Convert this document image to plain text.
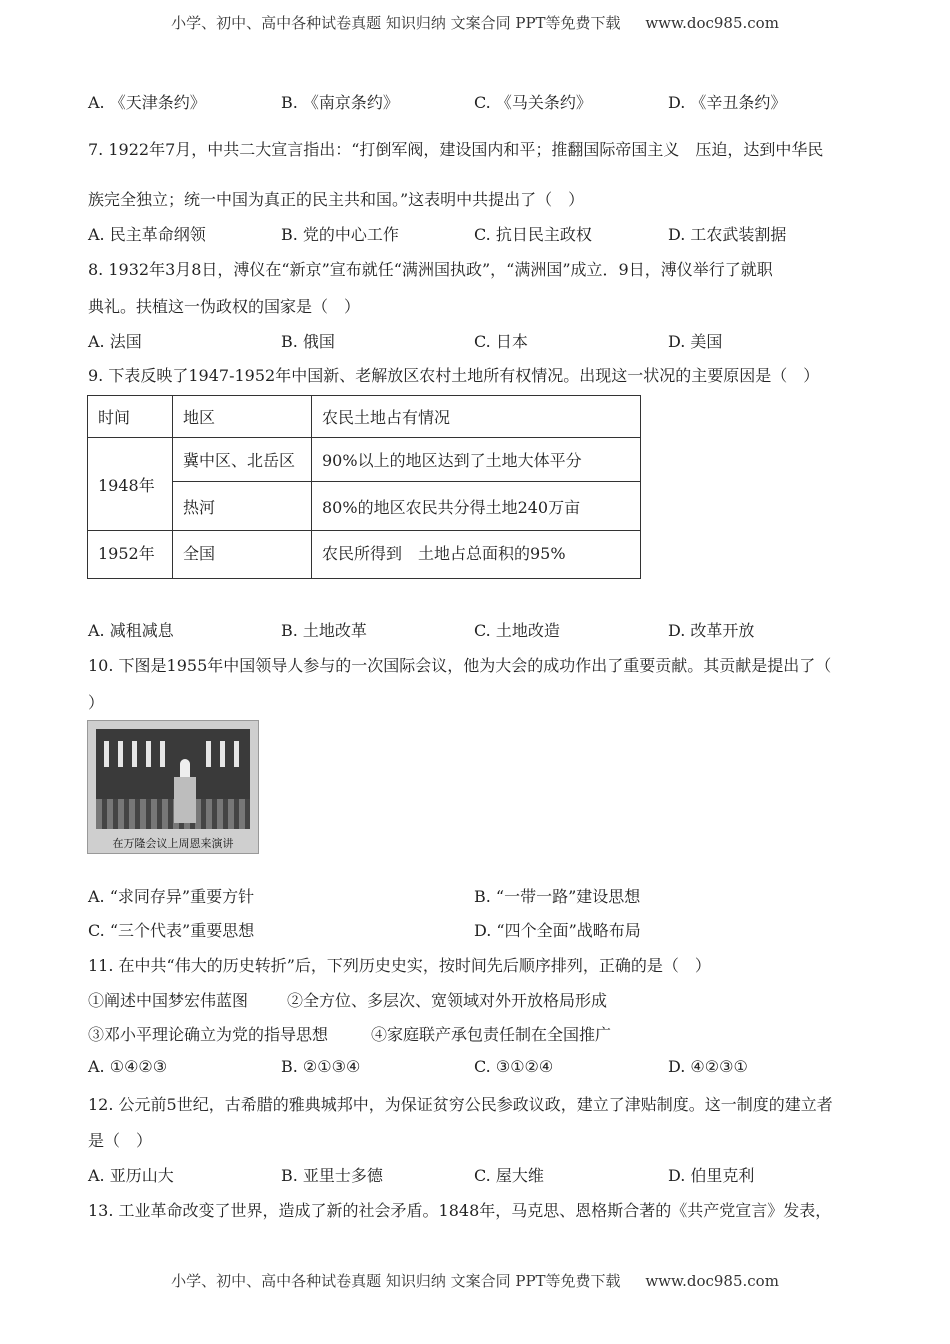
小学、初中、高中各种试卷真题 知识归纳 文案合同 PPT等免费下载 www.doc985.com
A. 《天津条约》	B. 《南京条约》	C. 《马关条约》	D. 《辛丑条约》
7. 1922年7月，中共二大宣言指出：“打倒军阀，建设国内和平；推翻国际帝国主义　压迫，达到中华民
族完全独立；统一中国为真正的民主共和国。”这表明中共提出了（　）
A. 民主革命纲领	B. 党的中心工作	C. 抗日民主政权	D. 工农武装割据
8. 1932年3月8日，溥仪在“新京”宣布就任“满洲国执政”，“满洲国”成立．9日，溥仪举行了就职
典礼。扶植这一伪政权的国家是（　）
A. 法国	B. 俄国	C. 日本	D. 美国
9. 下表反映了1947-1952年中国新、老解放区农村土地所有权情况。出现这一状况的主要原因是（　）
时间	地区	农民土地占有情况
1948年	冀中区、北岳区	90%以上的地区达到了土地大体平分
	热河	80%的地区农民共分得土地240万亩
1952年	全国	农民所得到　土地占总面积的95%
A. 减租减息	B. 土地改革	C. 土地改造	D. 改革开放
10. 下图是1955年中国领导人参与的一次国际会议，他为大会的成功作出了重要贡献。其贡献是提出了（
）
在万隆会议上周恩来演讲
A. “求同存异”重要方针	B. “一带一路”建设思想
C. “三个代表”重要思想	D. “四个全面”战略布局
11. 在中共“伟大的历史转折”后，下列历史史实，按时间先后顺序排列，正确的是（　）
①阐述中国梦宏伟蓝图 ②全方位、多层次、宽领域对外开放格局形成
③邓小平理论确立为党的指导思想	④家庭联产承包责任制在全国推广
A. ①④②③	B. ②①③④	C. ③①②④	D. ④②③①
12. 公元前5世纪，古希腊的雅典城邦中，为保证贫穷公民参政议政，建立了津贴制度。这一制度的建立者
是（　）
A. 亚历山大	B. 亚里士多德	C. 屋大维	D. 伯里克利
13. 工业革命改变了世界，造成了新的社会矛盾。1848年，马克思、恩格斯合著的《共产党宣言》发表，
小学、初中、高中各种试卷真题 知识归纳 文案合同 PPT等免费下载 www.doc985.com
